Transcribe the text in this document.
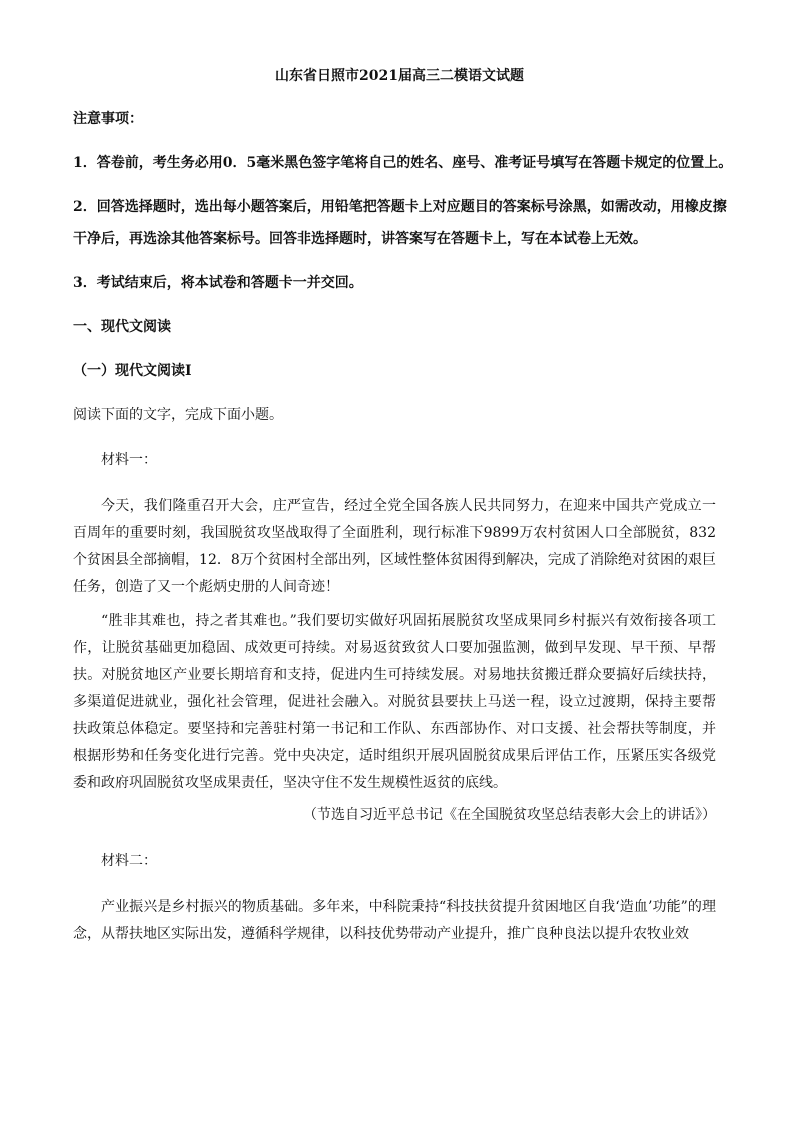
山东省日照市2021届高三二模语文试题

注意事项：

1．答卷前，考生务必用0．5毫米黑色签字笔将自己的姓名、座号、准考证号填写在答题卡规定的位置上。

2．回答选择题时，选出每小题答案后，用铅笔把答题卡上对应题目的答案标号涂黑，如需改动，用橡皮擦

干净后，再选涂其他答案标号。回答非选择题时，讲答案写在答题卡上，写在本试卷上无效。

3．考试结束后，将本试卷和答题卡一并交回。

一、现代文阅读

（一）现代文阅读Ⅰ

阅读下面的文字，完成下面小题。

材料一：

今天，我们隆重召开大会，庄严宣告，经过全党全国各族人民共同努力，在迎来中国共产党成立一百周年的重要时刻，我国脱贫攻坚战取得了全面胜利，现行标准下9899万农村贫困人口全部脱贫，832个贫困县全部摘帽，12．8万个贫困村全部出列，区域性整体贫困得到解决，完成了消除绝对贫困的艰巨任务，创造了又一个彪炳史册的人间奇迹！

“胜非其难也，持之者其难也。”我们要切实做好巩固拓展脱贫攻坚成果同乡村振兴有效衔接各项工作，让脱贫基础更加稳固、成效更可持续。对易返贫致贫人口要加强监测，做到早发现、早干预、早帮扶。对脱贫地区产业要长期培育和支持，促进内生可持续发展。对易地扶贫搬迁群众要搞好后续扶持，多渠道促进就业，强化社会管理，促进社会融入。对脱贫县要扶上马送一程，设立过渡期，保持主要帮扶政策总体稳定。要坚持和完善驻村第一书记和工作队、东西部协作、对口支援、社会帮扶等制度，并根据形势和任务变化进行完善。党中央决定，适时组织开展巩固脱贫成果后评估工作，压紧压实各级党委和政府巩固脱贫攻坚成果责任，坚决守住不发生规模性返贫的底线。

（节选自习近平总书记《在全国脱贫攻坚总结表彰大会上的讲话》）

材料二：

产业振兴是乡村振兴的物质基础。多年来，中科院秉持“科技扶贫提升贫困地区自我‘造血’功能”的理念，从帮扶地区实际出发，遵循科学规律，以科技优势带动产业提升，推广良种良法以提升农牧业效
